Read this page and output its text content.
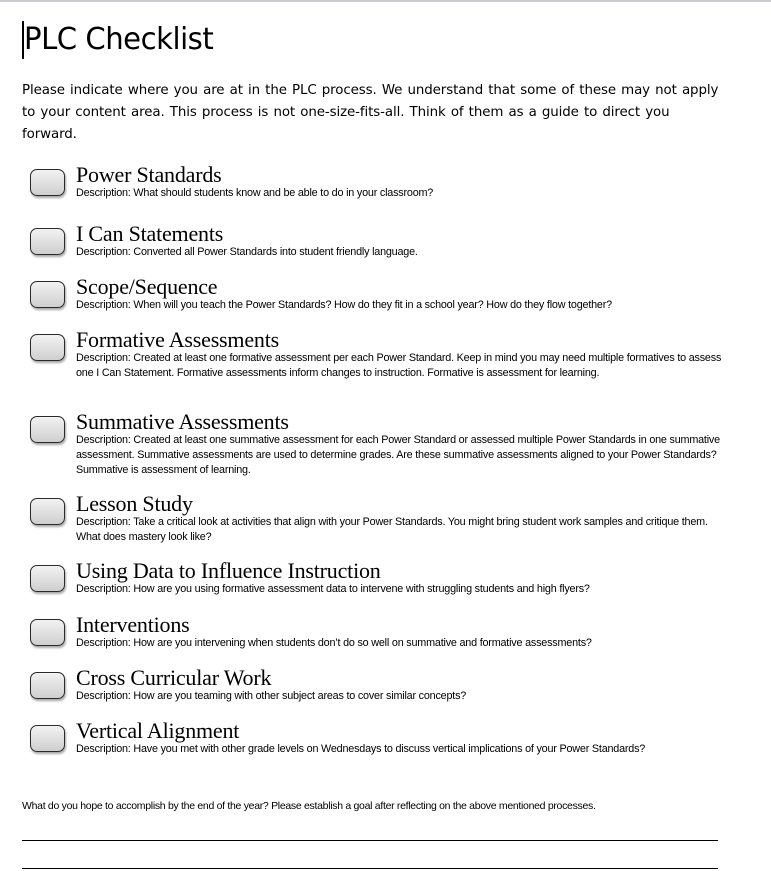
PLC Checklist
Please indicate where you are at in the PLC process. We understand that some of these may not apply to your content area. This process is not one-size-fits-all. Think of them as a guide to direct you forward.
Power Standards
Description: What should students know and be able to do in your classroom?
I Can Statements
Description: Converted all Power Standards into student friendly language.
Scope/Sequence
Description: When will you teach the Power Standards? How do they fit in a school year? How do they flow together?
Formative Assessments
Description: Created at least one formative assessment per each Power Standard. Keep in mind you may need multiple formatives to assess one I Can Statement. Formative assessments inform changes to instruction. Formative is assessment for learning.
Summative Assessments
Description: Created at least one summative assessment for each Power Standard or assessed multiple Power Standards in one summative assessment. Summative assessments are used to determine grades. Are these summative assessments aligned to your Power Standards? Summative is assessment of learning.
Lesson Study
Description: Take a critical look at activities that align with your Power Standards. You might bring student work samples and critique them. What does mastery look like?
Using Data to Influence Instruction
Description: How are you using formative assessment data to intervene with struggling students and high flyers?
Interventions
Description: How are you intervening when students don’t do so well on summative and formative assessments?
Cross Curricular Work
Description: How are you teaming with other subject areas to cover similar concepts?
Vertical Alignment
Description: Have you met with other grade levels on Wednesdays to discuss vertical implications of your Power Standards?
What do you hope to accomplish by the end of the year? Please establish a goal after reflecting on the above mentioned processes.
